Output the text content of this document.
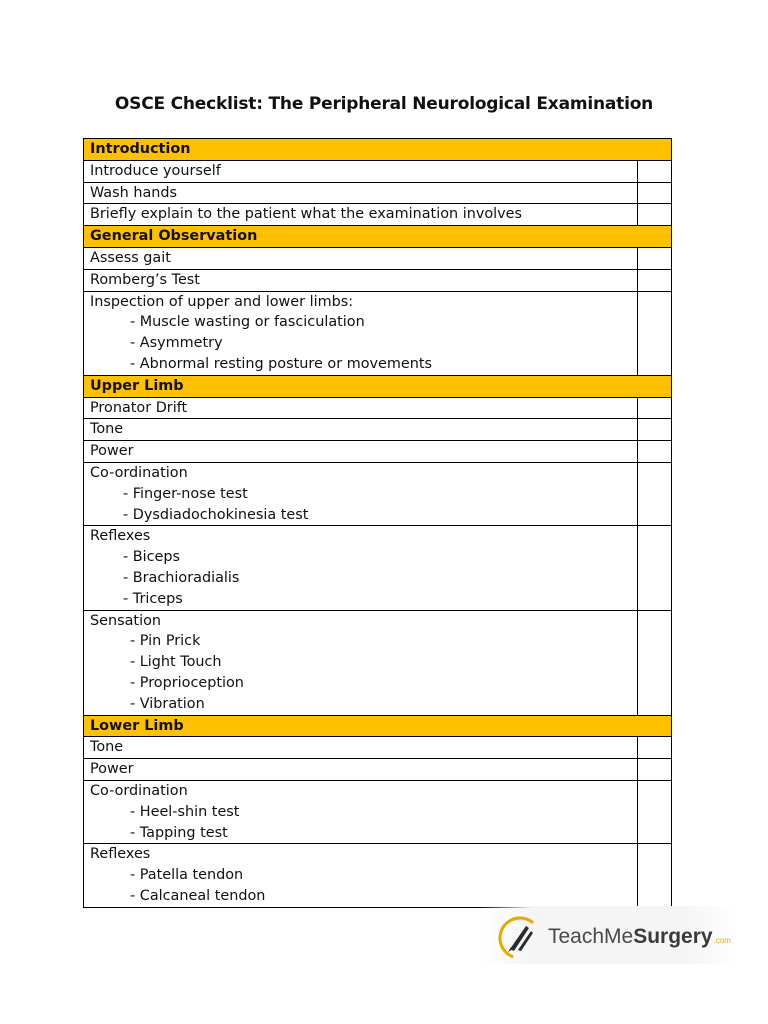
OSCE Checklist: The Peripheral Neurological Examination
Introduction	
Introduce yourself	
Wash hands	
Briefly explain to the patient what the examination involves	
General Observation	
Assess gait	
Romberg’s Test	

Inspection of upper and lower limbs:
- Muscle wasting or fasciculation
- Asymmetry
- Abnormal resting posture or movements	

Upper Limb	
Pronator Drift	
Tone	
Power	

Co-ordination
- Finger-nose test
- Dysdiadochokinesia test	

Reflexes
- Biceps
- Brachioradialis
- Triceps	

Sensation
- Pin Prick
- Light Touch
- Proprioception
- Vibration	

Lower Limb	
Tone	
Power	

Co-ordination
- Heel-shin test
- Tapping test	

Reflexes
- Patella tendon
- Calcaneal tendon	

TeachMeSurgery.com
